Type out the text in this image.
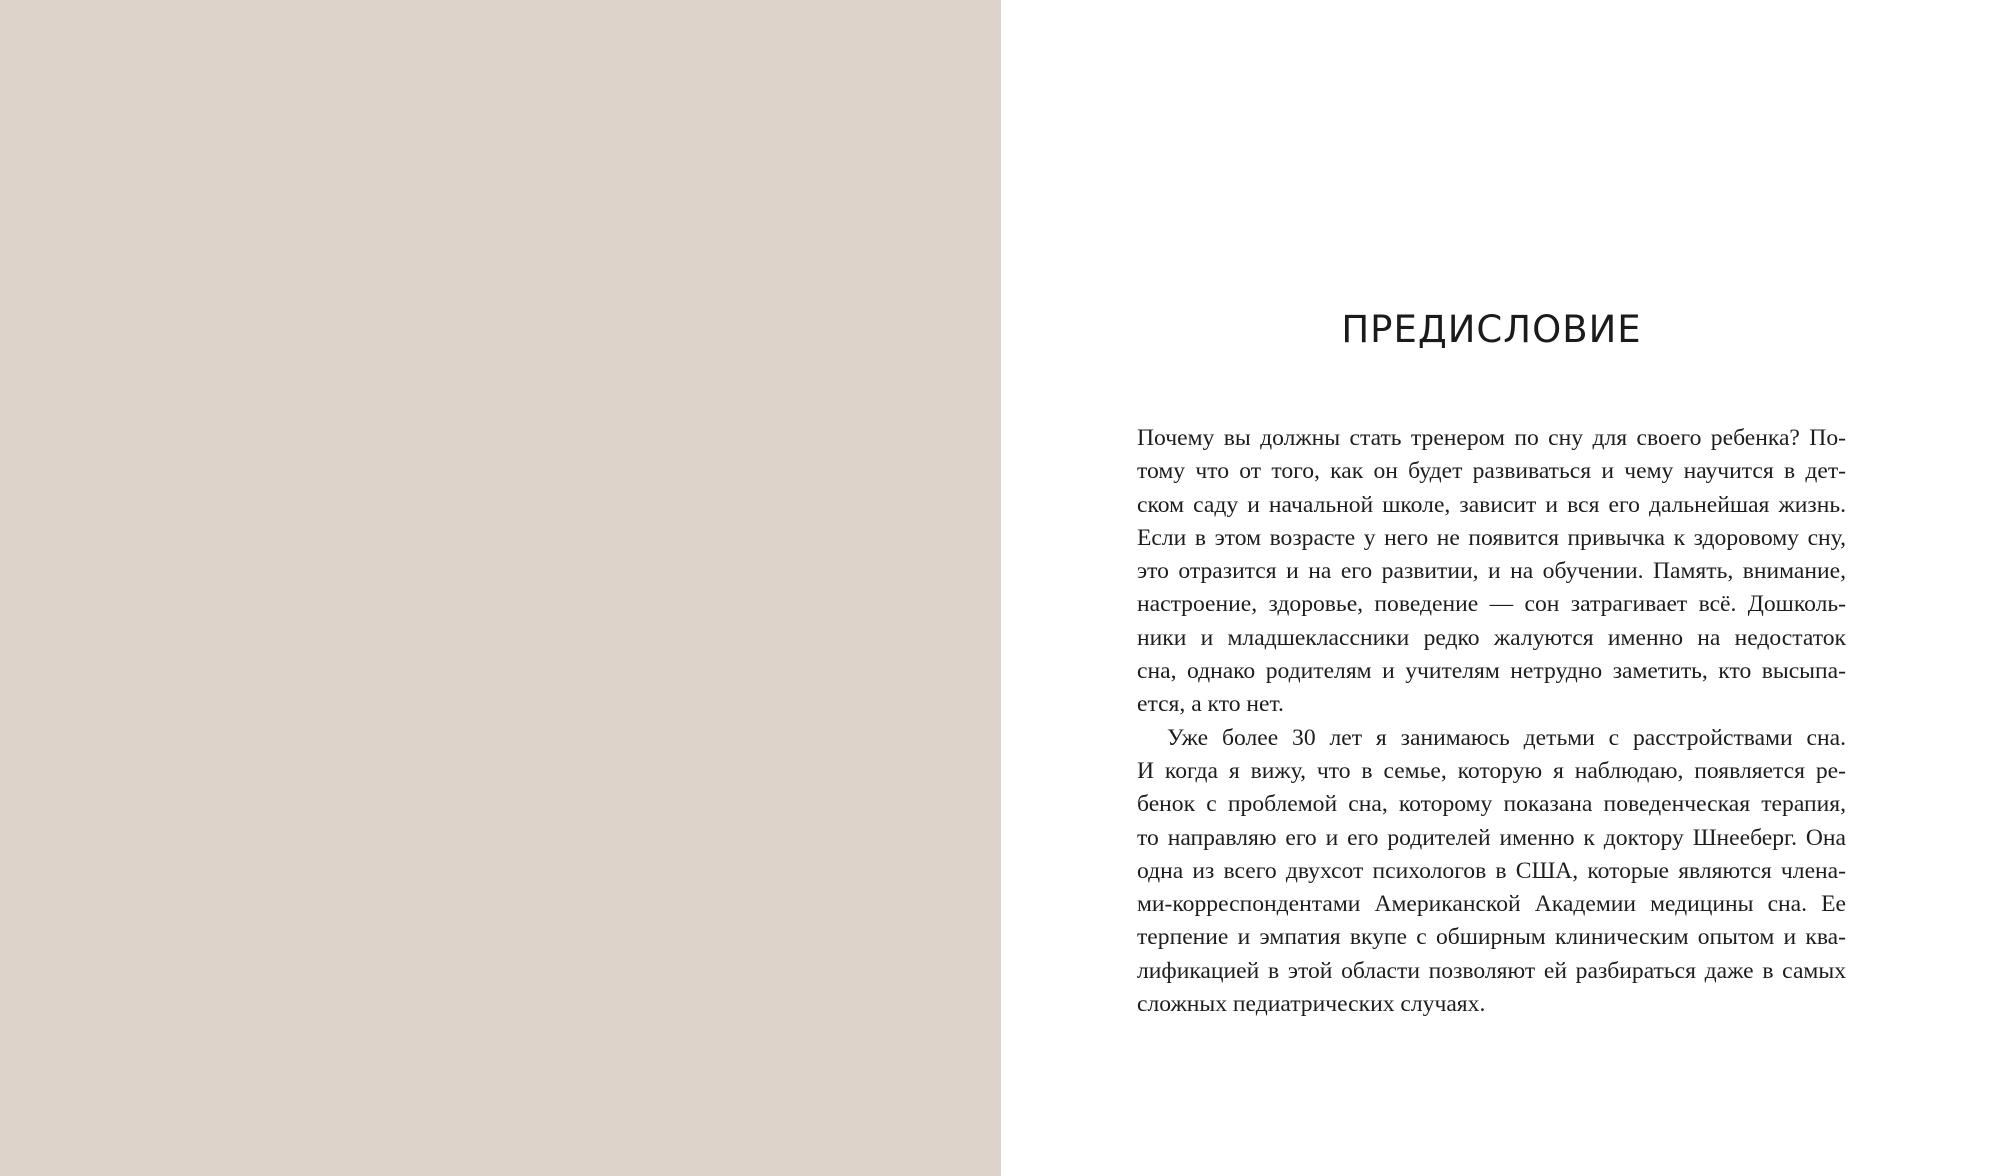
ПРЕДИСЛОВИЕ
Почему вы должны стать тренером по сну для своего ребенка? По-
тому что от того, как он будет развиваться и чему научится в дет-
ском саду и начальной школе, зависит и вся его дальнейшая жизнь.
Если в этом возрасте у него не появится привычка к здоровому сну,
это отразится и на его развитии, и на обучении. Память, внимание,
настроение, здоровье, поведение — сон затрагивает всё. Дошколь-
ники и младшеклассники редко жалуются именно на недостаток
сна, однако родителям и учителям нетрудно заметить, кто высыпа-
ется, а кто нет.
Уже более 30 лет я занимаюсь детьми с расстройствами сна.
И когда я вижу, что в семье, которую я наблюдаю, появляется ре-
бенок с проблемой сна, которому показана поведенческая терапия,
то направляю его и его родителей именно к доктору Шнееберг. Она
одна из всего двухсот психологов в США, которые являются члена-
ми-корреспондентами Американской Академии медицины сна. Ее
терпение и эмпатия вкупе с обширным клиническим опытом и ква-
лификацией в этой области позволяют ей разбираться даже в самых
сложных педиатрических случаях.
